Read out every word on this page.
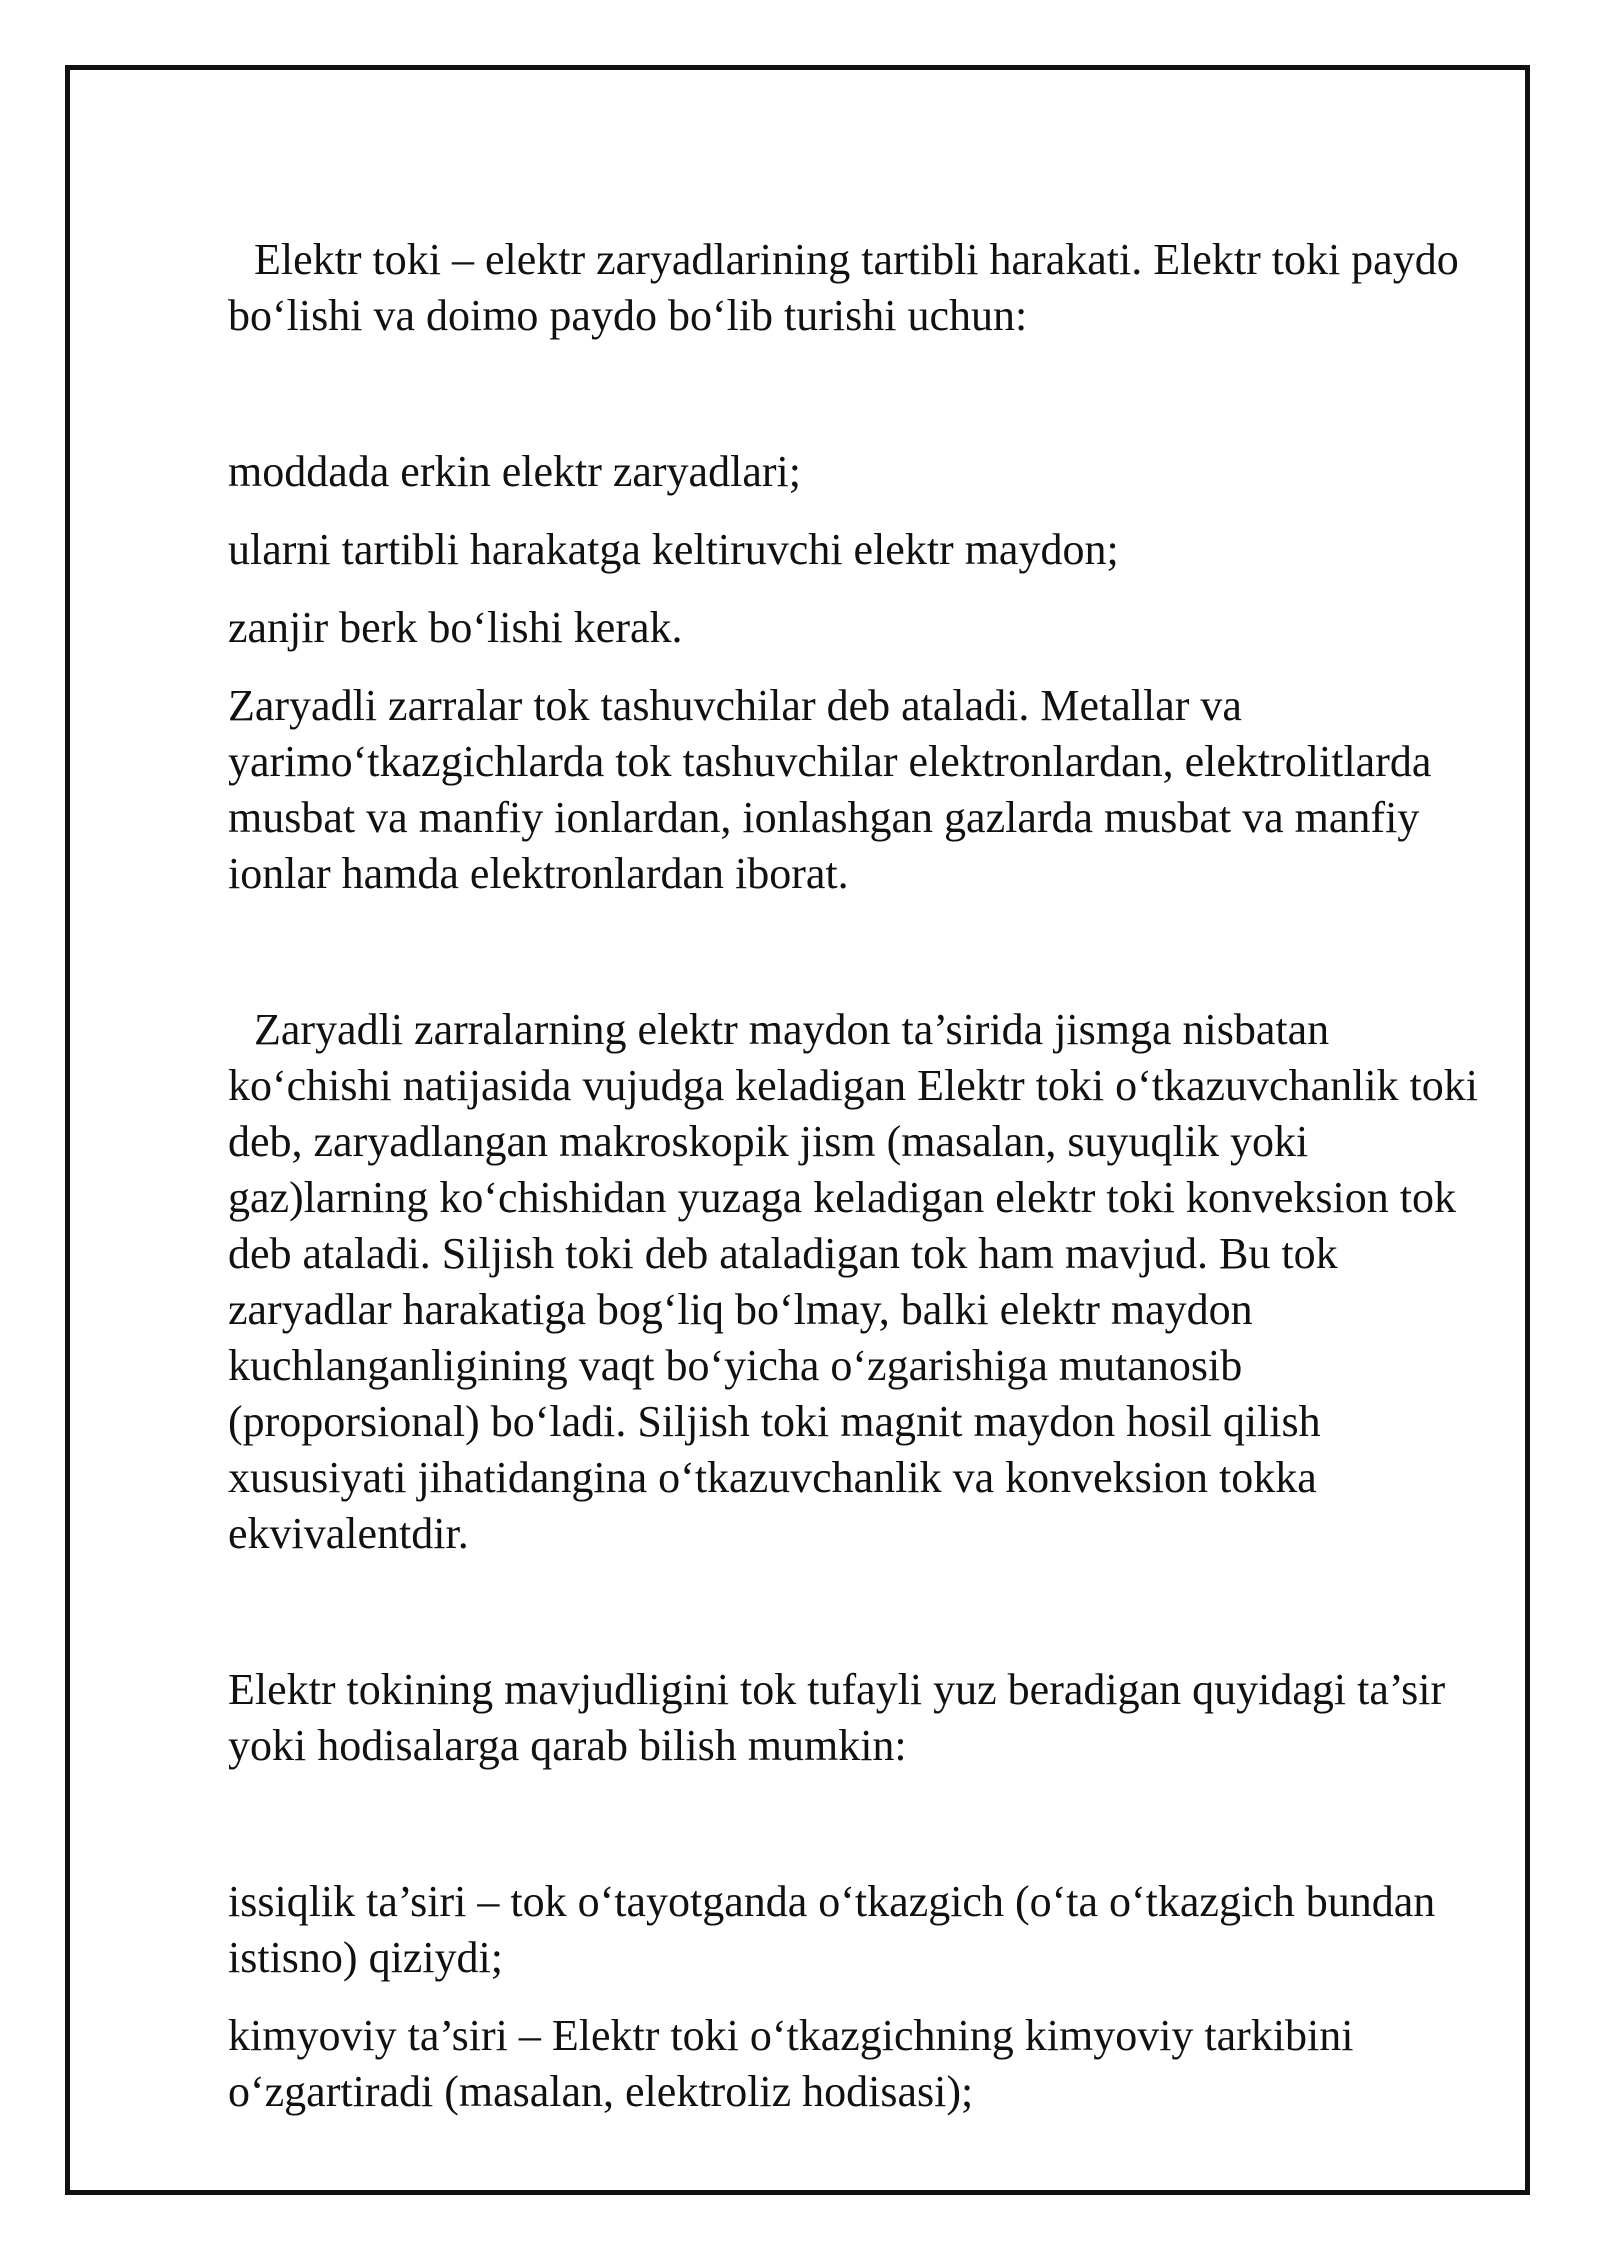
Elektr toki – elektr zaryadlarining tartibli harakati. Elektr toki paydo bo‘lishi va doimo paydo bo‘lib turishi uchun:

moddada erkin elektr zaryadlari;

ularni tartibli harakatga keltiruvchi elektr maydon;

zanjir berk bo‘lishi kerak.

Zaryadli zarralar tok tashuvchilar deb ataladi. Metallar va yarimo‘tkazgichlarda tok tashuvchilar elektronlardan, elektrolitlarda musbat va manfiy ionlardan, ionlashgan gazlarda musbat va manfiy ionlar hamda elektronlardan iborat.

Zaryadli zarralarning elektr maydon ta’sirida jismga nisbatan ko‘chishi natijasida vujudga keladigan Elektr toki o‘tkazuvchanlik toki deb, zaryadlangan makroskopik jism (masalan, suyuqlik yoki gaz)larning ko‘chishidan yuzaga keladigan elektr toki konveksion tok deb ataladi. Siljish toki deb ataladigan tok ham mavjud. Bu tok zaryadlar harakatiga bog‘liq bo‘lmay, balki elektr maydon kuchlanganligining vaqt bo‘yicha o‘zgarishiga mutanosib (proporsional) bo‘ladi. Siljish toki magnit maydon hosil qilish xususiyati jihatidangina o‘tkazuvchanlik va konveksion tokka ekvivalentdir.

Elektr tokining mavjudligini tok tufayli yuz beradigan quyidagi ta’sir yoki hodisalarga qarab bilish mumkin:

issiqlik ta’siri – tok o‘tayotganda o‘tkazgich (o‘ta o‘tkazgich bundan istisno) qiziydi;

kimyoviy ta’siri – Elektr toki o‘tkazgichning kimyoviy tarkibini o‘zgartiradi (masalan, elektroliz hodisasi);
